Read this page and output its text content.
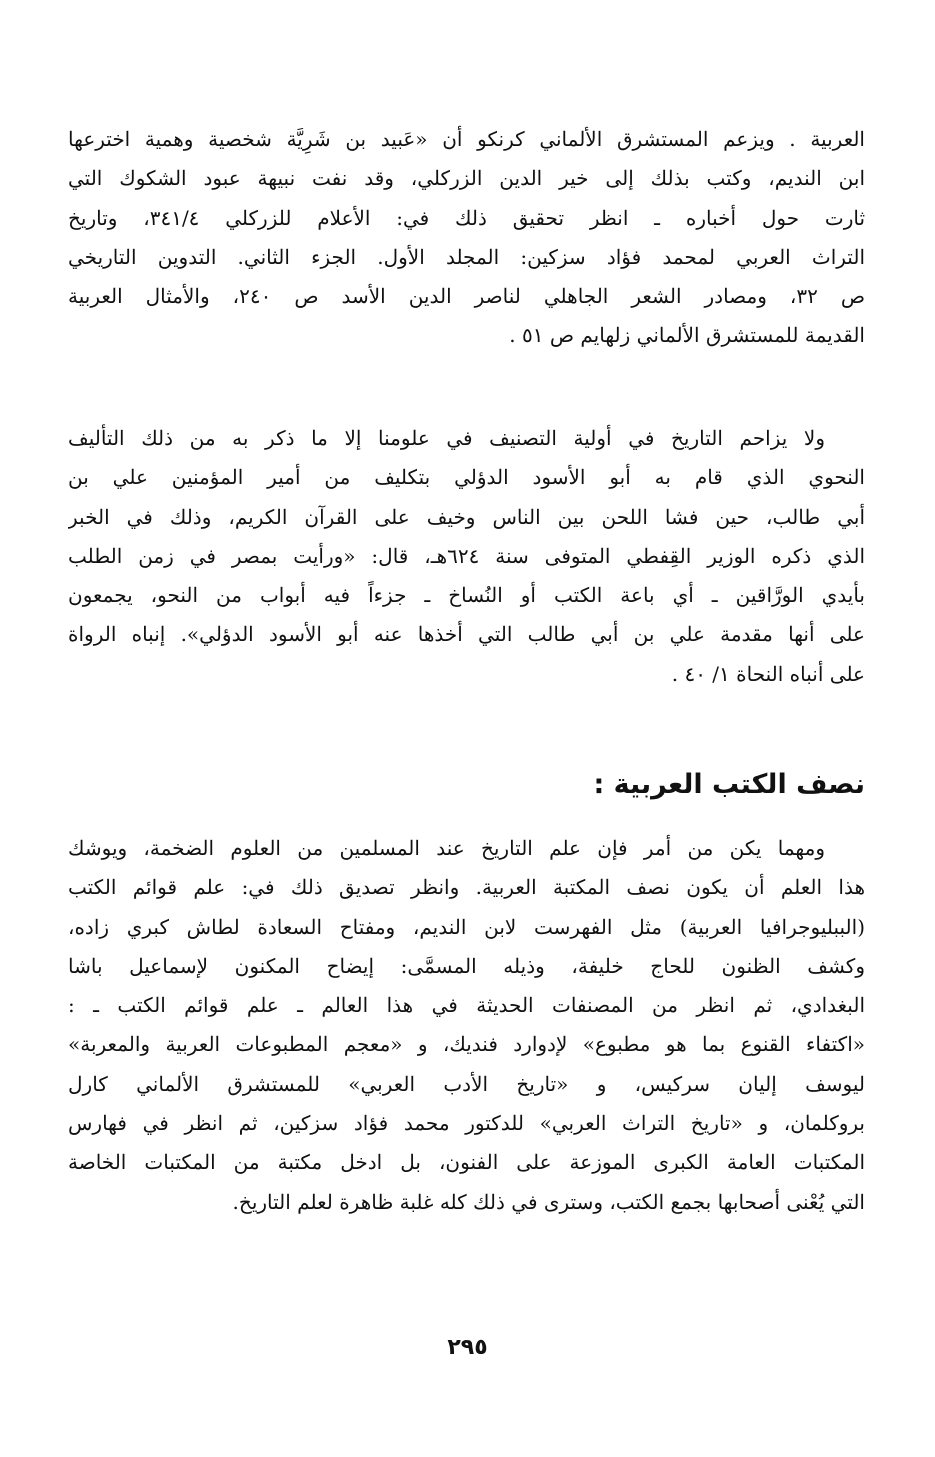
العربية . ويزعم المستشرق الألماني كرنكو أن «عَبيد بن شَرِيَّة شخصية وهمية اخترعها
ابن النديم، وكتب بذلك إلى خير الدين الزركلي، وقد نفت نبيهة عبود الشكوك التي
ثارت حول أخباره ـ انظر تحقيق ذلك في: الأعلام للزركلي ٣٤١/٤، وتاريخ
التراث العربي لمحمد فؤاد سزكين: المجلد الأول. الجزء الثاني. التدوين التاريخي
ص ٣٢، ومصادر الشعر الجاهلي لناصر الدين الأسد ص ٢٤٠، والأمثال العربية
القديمة للمستشرق الألماني زلهايم ص ٥١ .
ولا يزاحم التاريخ في أولية التصنيف في علومنا إلا ما ذكر به من ذلك التأليف
النحوي الذي قام به أبو الأسود الدؤلي بتكليف من أمير المؤمنين علي بن
أبي طالب، حين فشا اللحن بين الناس وخيف على القرآن الكريم، وذلك في الخبر
الذي ذكره الوزير القِفطي المتوفى سنة ٦٢٤هـ، قال: «ورأيت بمصر في زمن الطلب
بأيدي الورَّاقين ـ أي باعة الكتب أو النُساخ ـ جزءاً فيه أبواب من النحو، يجمعون
على أنها مقدمة علي بن أبي طالب التي أخذها عنه أبو الأسود الدؤلي». إنباه الرواة
على أنباه النحاة ١/ ٤٠ .
نصف الكتب العربية :
ومهما يكن من أمر فإن علم التاريخ عند المسلمين من العلوم الضخمة، ويوشك
هذا العلم أن يكون نصف المكتبة العربية. وانظر تصديق ذلك في: علم قوائم الكتب
(الببليوجرافيا العربية) مثل الفهرست لابن النديم، ومفتاح السعادة لطاش كبري زاده،
وكشف الظنون للحاج خليفة، وذيله المسمَّى: إيضاح المكنون لإسماعيل باشا
البغدادي، ثم انظر من المصنفات الحديثة في هذا العالم ـ علم قوائم الكتب ـ :
«اكتفاء القنوع بما هو مطبوع» لإدوارد فنديك، و «معجم المطبوعات العربية والمعربة»
ليوسف إليان سركيس، و «تاريخ الأدب العربي» للمستشرق الألماني كارل
بروكلمان، و «تاريخ التراث العربي» للدكتور محمد فؤاد سزكين، ثم انظر في فهارس
المكتبات العامة الكبرى الموزعة على الفنون، بل ادخل مكتبة من المكتبات الخاصة
التي يُعْنى أصحابها بجمع الكتب، وسترى في ذلك كله غلبة ظاهرة لعلم التاريخ.
٢٩٥
